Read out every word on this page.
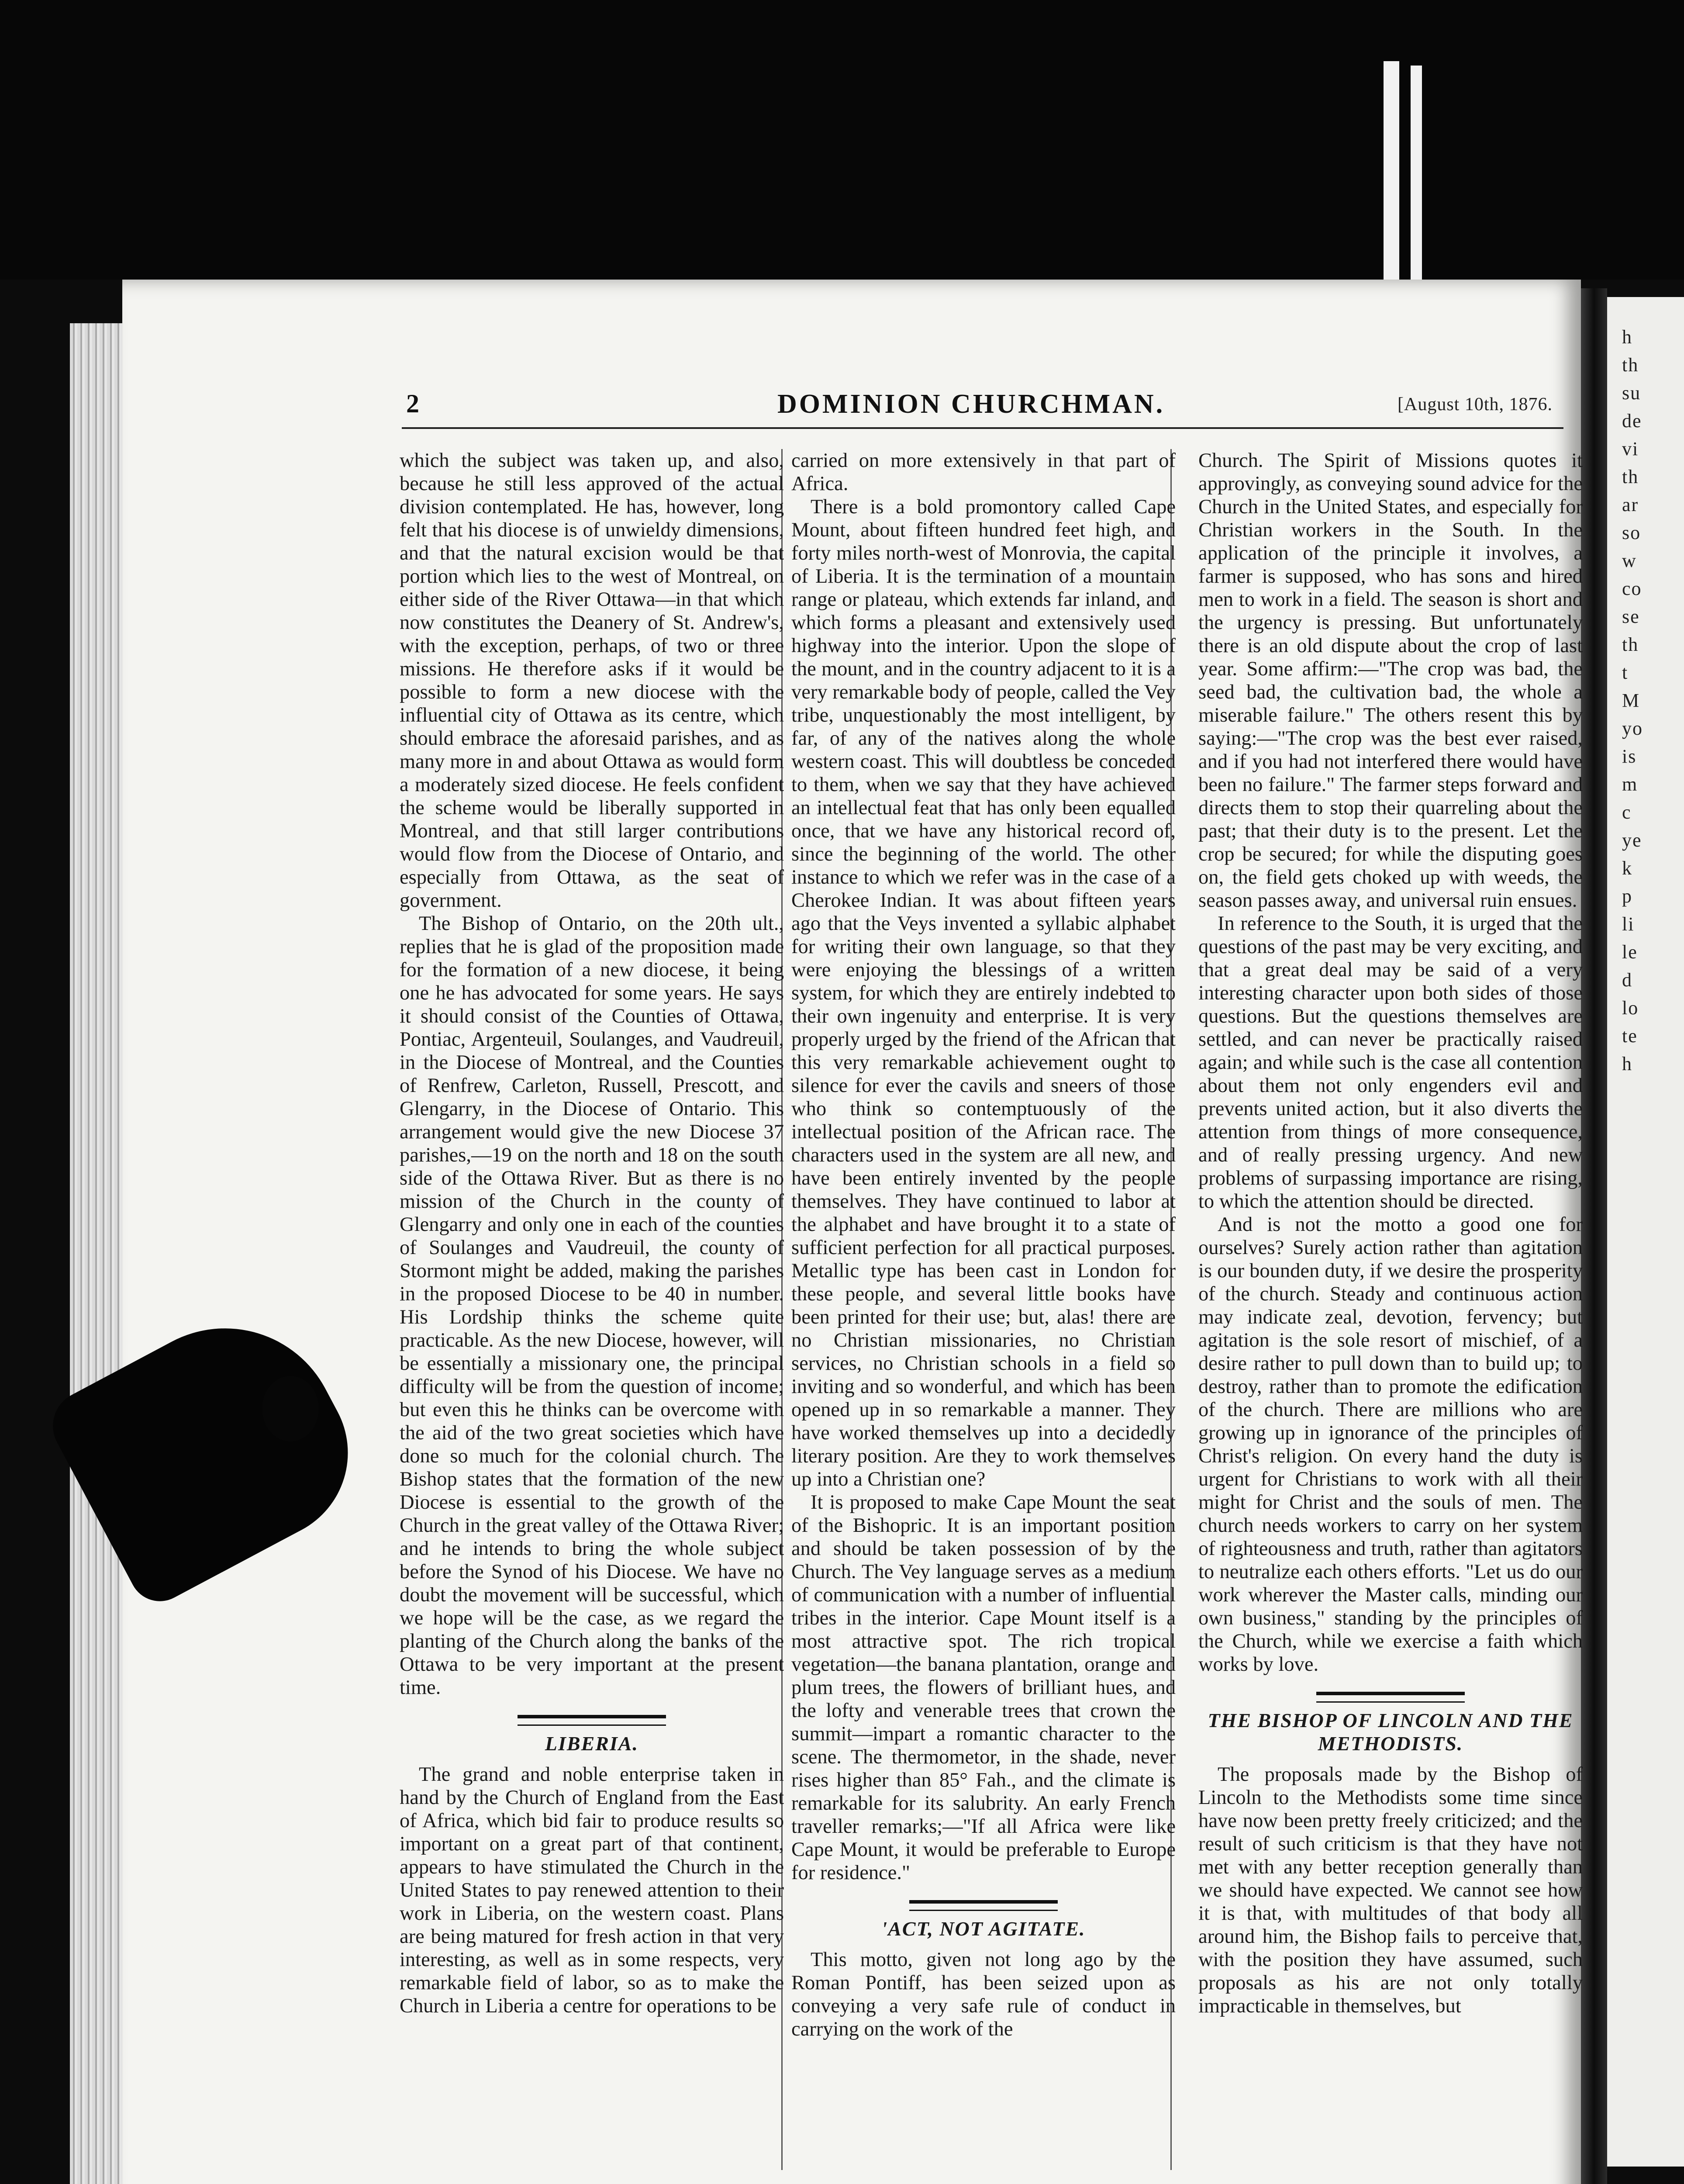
h
th
su
de
vi
th
ar
so
w
co
se
th
t
M
yo
is
m
c
ye
k
p
li
le
d
lo
te
h
2	DOMINION CHURCHMAN.	[August 10th, 1876.

which the subject was taken up, and also, because he still less approved of the actual division contemplated. He has, however, long felt that his diocese is of unwieldy dimensions, and that the natural excision would be that portion which lies to the west of Montreal, on either side of the River Ottawa—in that which now constitutes the Deanery of St. Andrew's, with the exception, perhaps, of two or three missions. He therefore asks if it would be possible to form a new diocese with the influential city of Ottawa as its centre, which should embrace the aforesaid parishes, and as many more in and about Ottawa as would form a moderately sized diocese. He feels confident the scheme would be liberally supported in Montreal, and that still larger contributions would flow from the Diocese of Ontario, and especially from Ottawa, as the seat of government.

The Bishop of Ontario, on the 20th ult., replies that he is glad of the proposition made for the formation of a new diocese, it being one he has advocated for some years. He says it should consist of the Counties of Ottawa, Pontiac, Argenteuil, Soulanges, and Vaudreuil, in the Diocese of Montreal, and the Counties of Renfrew, Carleton, Russell, Prescott, and Glengarry, in the Diocese of Ontario. This arrangement would give the new Diocese 37 parishes,—19 on the north and 18 on the south side of the Ottawa River. But as there is no mission of the Church in the county of Glengarry and only one in each of the counties of Soulanges and Vaudreuil, the county of Stormont might be added, making the parishes in the proposed Diocese to be 40 in number. His Lordship thinks the scheme quite practicable. As the new Diocese, however, will be essentially a missionary one, the principal difficulty will be from the question of income; but even this he thinks can be overcome with the aid of the two great societies which have done so much for the colonial church. The Bishop states that the formation of the new Diocese is essential to the growth of the Church in the great valley of the Ottawa River; and he intends to bring the whole subject before the Synod of his Diocese. We have no doubt the movement will be successful, which we hope will be the case, as we regard the planting of the Church along the banks of the Ottawa to be very important at the present time.

LIBERIA.

The grand and noble enterprise taken in hand by the Church of England from the East of Africa, which bid fair to produce results so important on a great part of that continent, appears to have stimulated the Church in the United States to pay renewed attention to their work in Liberia, on the western coast. Plans are being matured for fresh action in that very interesting, as well as in some respects, very remarkable field of labor, so as to make the Church in Liberia a centre for operations to be

carried on more extensively in that part of Africa.

There is a bold promontory called Cape Mount, about fifteen hundred feet high, and forty miles north-west of Monrovia, the capital of Liberia. It is the termination of a mountain range or plateau, which extends far inland, and which forms a pleasant and extensively used highway into the interior. Upon the slope of the mount, and in the country adjacent to it is a very remarkable body of people, called the Vey tribe, unquestionably the most intelligent, by far, of any of the natives along the whole western coast. This will doubtless be conceded to them, when we say that they have achieved an intellectual feat that has only been equalled once, that we have any historical record of, since the beginning of the world. The other instance to which we refer was in the case of a Cherokee Indian. It was about fifteen years ago that the Veys invented a syllabic alphabet for writing their own language, so that they were enjoying the blessings of a written system, for which they are entirely indebted to their own ingenuity and enterprise. It is very properly urged by the friend of the African that this very remarkable achievement ought to silence for ever the cavils and sneers of those who think so contemptuously of the intellectual position of the African race. The characters used in the system are all new, and have been entirely invented by the people themselves. They have continued to labor at the alphabet and have brought it to a state of sufficient perfection for all practical purposes. Metallic type has been cast in London for these people, and several little books have been printed for their use; but, alas! there are no Christian missionaries, no Christian services, no Christian schools in a field so inviting and so wonderful, and which has been opened up in so remarkable a manner. They have worked themselves up into a decidedly literary position. Are they to work themselves up into a Christian one?

It is proposed to make Cape Mount the seat of the Bishopric. It is an important position and should be taken possession of by the Church. The Vey language serves as a medium of communication with a number of influential tribes in the interior. Cape Mount itself is a most attractive spot. The rich tropical vegetation—the banana plantation, orange and plum trees, the flowers of brilliant hues, and the lofty and venerable trees that crown the summit—impart a romantic character to the scene. The thermometor, in the shade, never rises higher than 85° Fah., and the climate is remarkable for its salubrity. An early French traveller remarks;—"If all Africa were like Cape Mount, it would be preferable to Europe for residence."

'ACT, NOT AGITATE.

This motto, given not long ago by the Roman Pontiff, has been seized upon as conveying a very safe rule of conduct in carrying on the work of the

Church. The Spirit of Missions quotes it approvingly, as conveying sound advice for the Church in the United States, and especially for Christian workers in the South. In the application of the principle it involves, a farmer is supposed, who has sons and hired men to work in a field. The season is short and the urgency is pressing. But unfortunately there is an old dispute about the crop of last year. Some affirm:—"The crop was bad, the seed bad, the cultivation bad, the whole a miserable failure." The others resent this by saying:—"The crop was the best ever raised, and if you had not interfered there would have been no failure." The farmer steps forward and directs them to stop their quarreling about the past; that their duty is to the present. Let the crop be secured; for while the disputing goes on, the field gets choked up with weeds, the season passes away, and universal ruin ensues.

In reference to the South, it is urged that the questions of the past may be very exciting, and that a great deal may be said of a very interesting character upon both sides of those questions. But the questions themselves are settled, and can never be practically raised again; and while such is the case all contention about them not only engenders evil and prevents united action, but it also diverts the attention from things of more consequence, and of really pressing urgency. And new problems of surpassing importance are rising, to which the attention should be directed.

And is not the motto a good one for ourselves? Surely action rather than agitation is our bounden duty, if we desire the prosperity of the church. Steady and continuous action may indicate zeal, devotion, fervency; but agitation is the sole resort of mischief, of a desire rather to pull down than to build up; to destroy, rather than to promote the edification of the church. There are millions who are growing up in ignorance of the principles of Christ's religion. On every hand the duty is urgent for Christians to work with all their might for Christ and the souls of men. The church needs workers to carry on her system of righteousness and truth, rather than agitators to neutralize each others efforts. "Let us do our work wherever the Master calls, minding our own business," standing by the principles of the Church, while we exercise a faith which works by love.

THE BISHOP OF LINCOLN AND THE METHODISTS.

The proposals made by the Bishop of Lincoln to the Methodists some time since have now been pretty freely criticized; and the result of such criticism is that they have not met with any better reception generally than we should have expected. We cannot see how it is that, with multitudes of that body all around him, the Bishop fails to perceive that, with the position they have assumed, such proposals as his are not only totally impracticable in themselves, but
